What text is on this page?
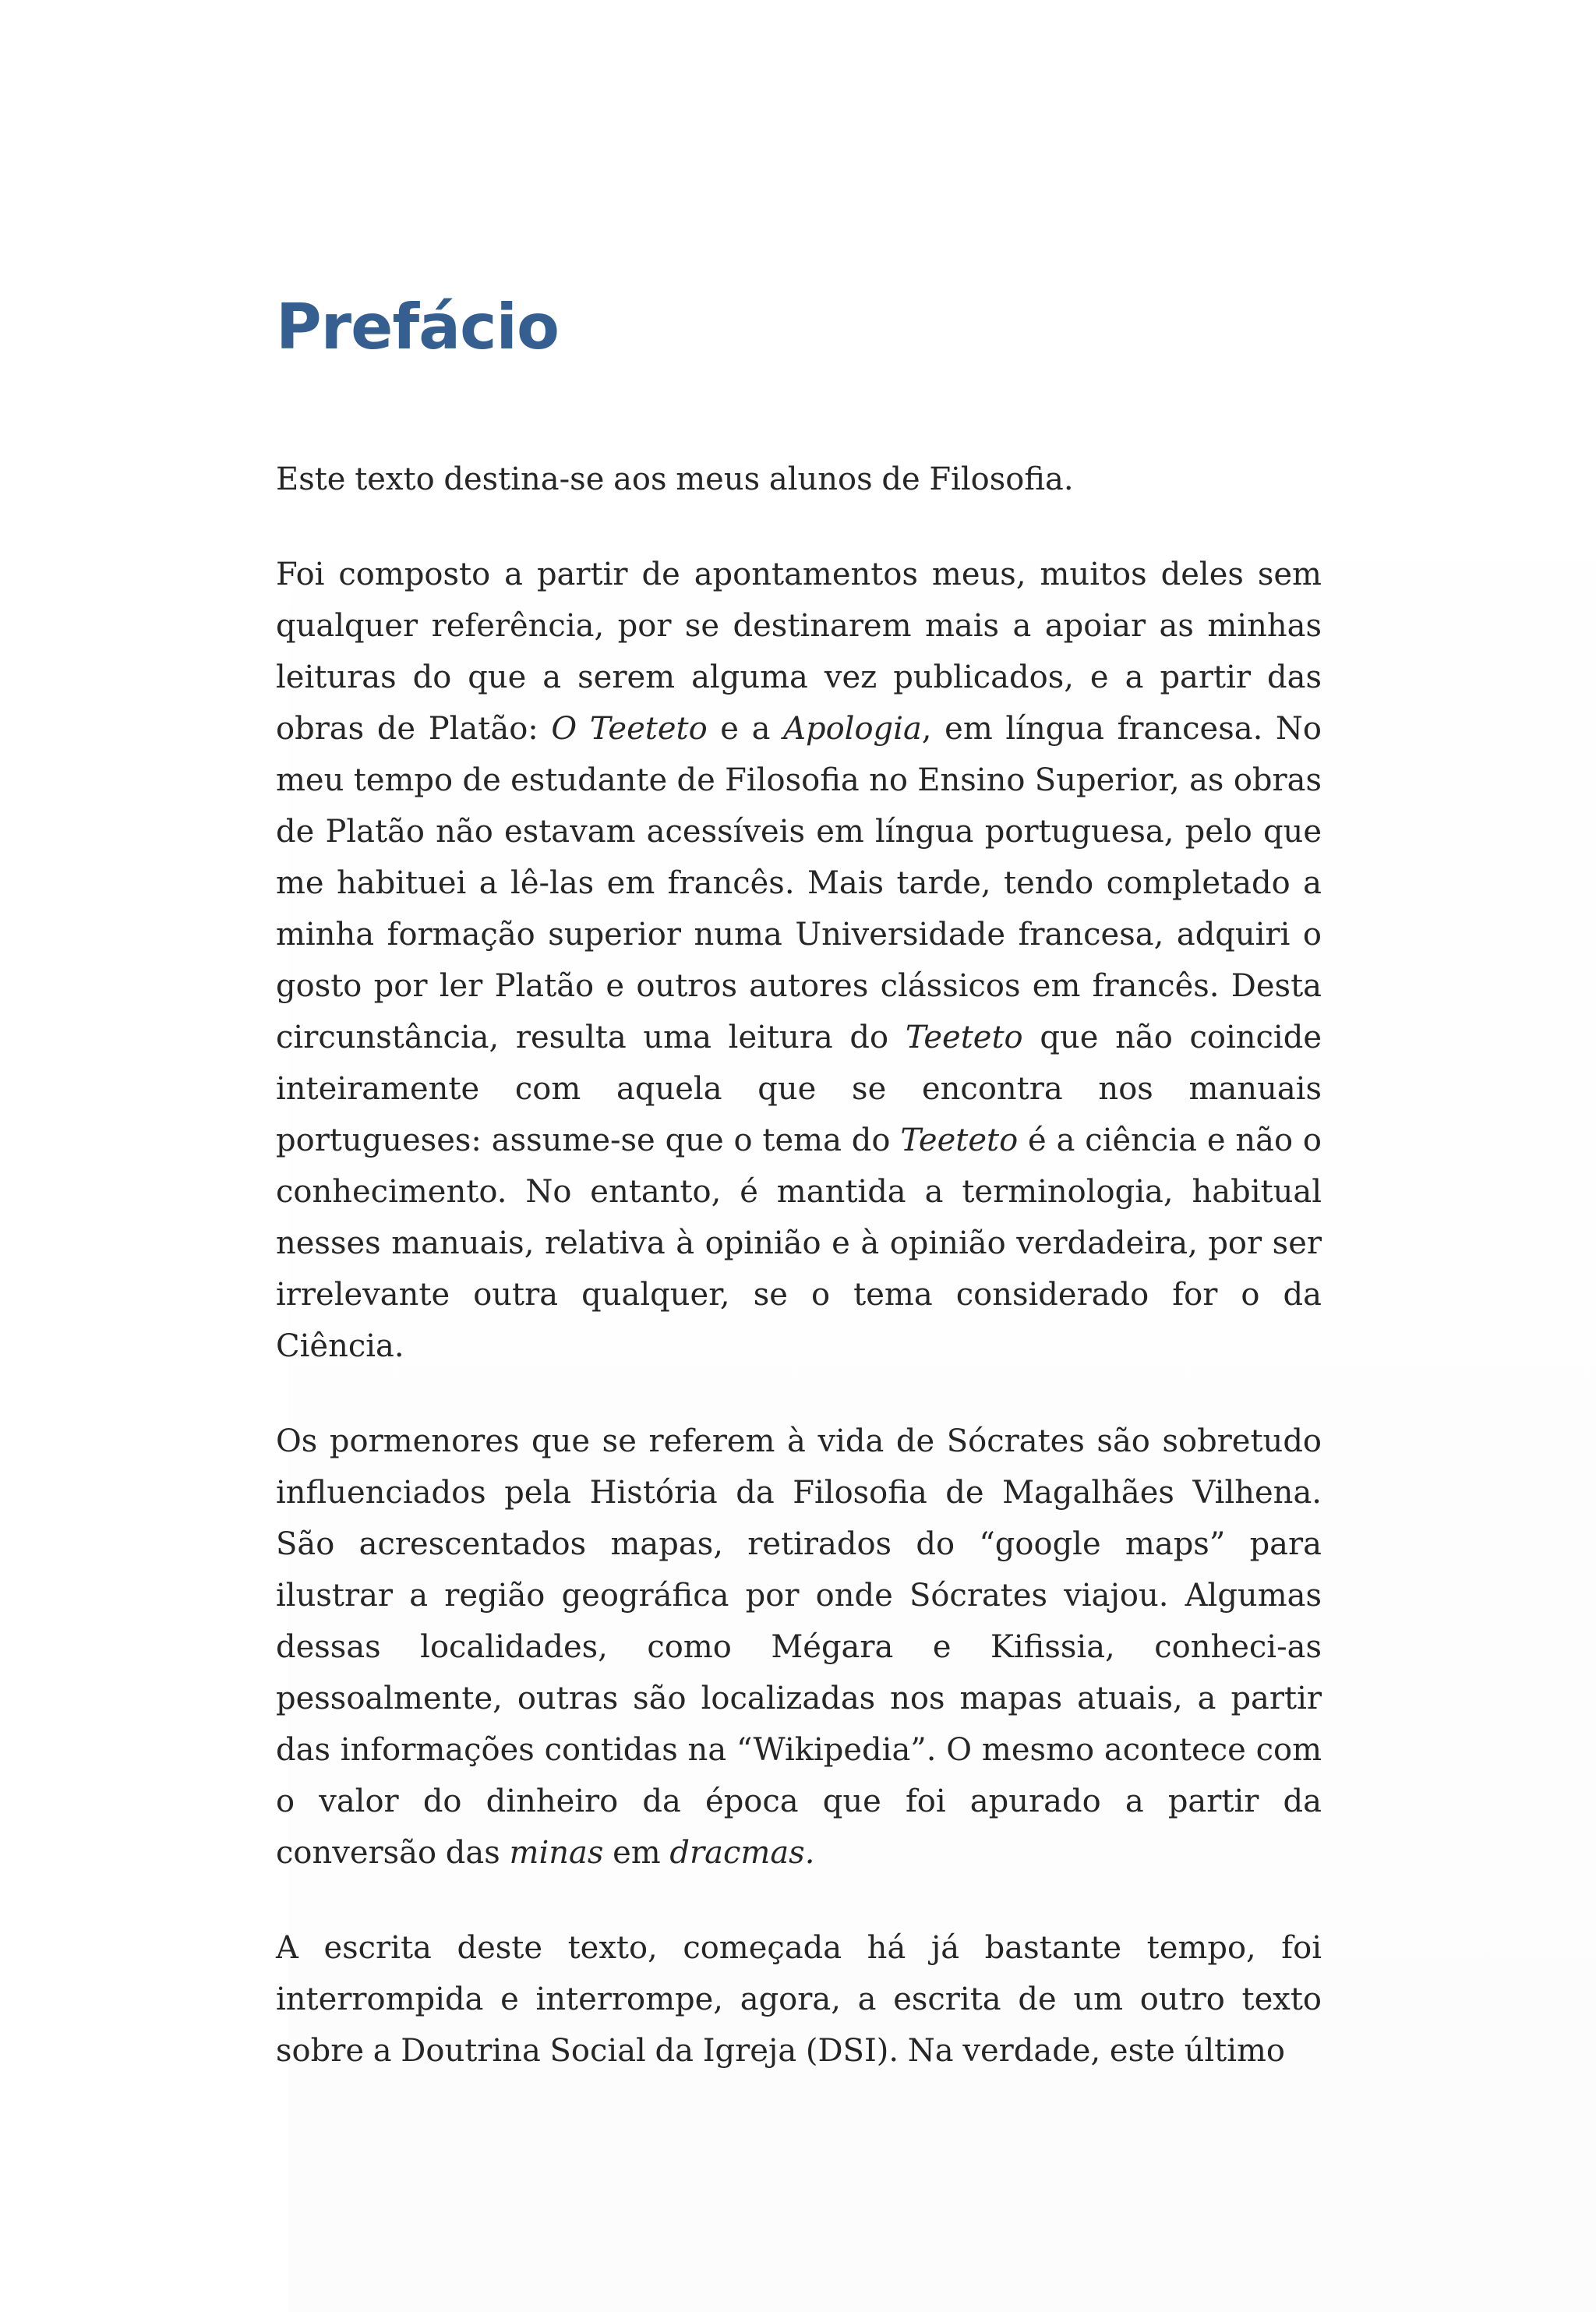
Prefácio

Este texto destina-se aos meus alunos de Filosofia.

Foi composto a partir de apontamentos meus, muitos deles sem qualquer referência, por se destinarem mais a apoiar as minhas leituras do que a serem alguma vez publicados, e a partir das obras de Platão: O Teeteto e a Apologia, em língua francesa. No meu tempo de estudante de Filosofia no Ensino Superior, as obras de Platão não estavam acessíveis em língua portuguesa, pelo que me habituei a lê-las em francês. Mais tarde, tendo completado a minha formação superior numa Universidade francesa, adquiri o gosto por ler Platão e outros autores clássicos em francês. Desta circunstância, resulta uma leitura do Teeteto que não coincide inteiramente com aquela que se encontra nos manuais portugueses: assume-se que o tema do Teeteto é a ciência e não o conhecimento. No entanto, é mantida a terminologia, habitual nesses manuais, relativa à opinião e à opinião verdadeira, por ser irrelevante outra qualquer, se o tema considerado for o da Ciência.

Os pormenores que se referem à vida de Sócrates são sobretudo influenciados pela História da Filosofia de Magalhães Vilhena. São acrescentados mapas, retirados do “google maps” para ilustrar a região geográfica por onde Sócrates viajou. Algumas dessas localidades, como Mégara e Kifissia, conheci-as pessoalmente, outras são localizadas nos mapas atuais, a partir das informações contidas na “Wikipedia”. O mesmo acontece com o valor do dinheiro da época que foi apurado a partir da conversão das minas em dracmas.

A escrita deste texto, começada há já bastante tempo, foi interrompida e interrompe, agora, a escrita de um outro texto sobre a Doutrina Social da Igreja (DSI). Na verdade, este último
